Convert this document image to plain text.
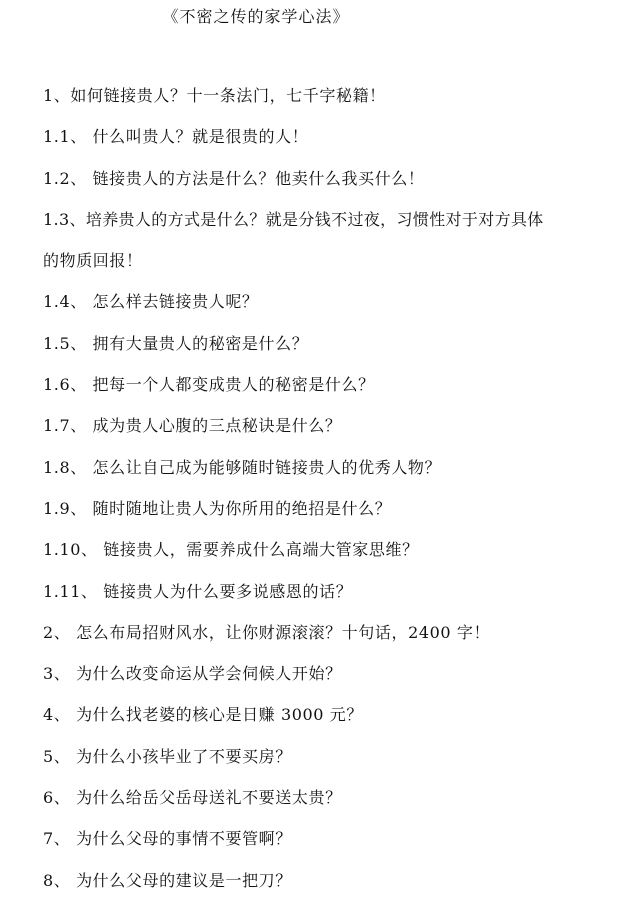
《不密之传的家学心法》
1、如何链接贵人？十一条法门，七千字秘籍！
1.1、 什么叫贵人？就是很贵的人！
1.2、 链接贵人的方法是什么？他卖什么我买什么！
1.3、培养贵人的方式是什么？就是分钱不过夜，习惯性对于对方具体
的物质回报！
1.4、 怎么样去链接贵人呢？
1.5、 拥有大量贵人的秘密是什么？
1.6、 把每一个人都变成贵人的秘密是什么？
1.7、 成为贵人心腹的三点秘诀是什么？
1.8、 怎么让自己成为能够随时链接贵人的优秀人物？
1.9、 随时随地让贵人为你所用的绝招是什么？
1.10、 链接贵人，需要养成什么高端大管家思维？
1.11、 链接贵人为什么要多说感恩的话？
2、 怎么布局招财风水，让你财源滚滚？十句话，2400 字！
3、 为什么改变命运从学会伺候人开始？
4、 为什么找老婆的核心是日赚 3000 元？
5、 为什么小孩毕业了不要买房？
6、 为什么给岳父岳母送礼不要送太贵？
7、 为什么父母的事情不要管啊？
8、 为什么父母的建议是一把刀？
